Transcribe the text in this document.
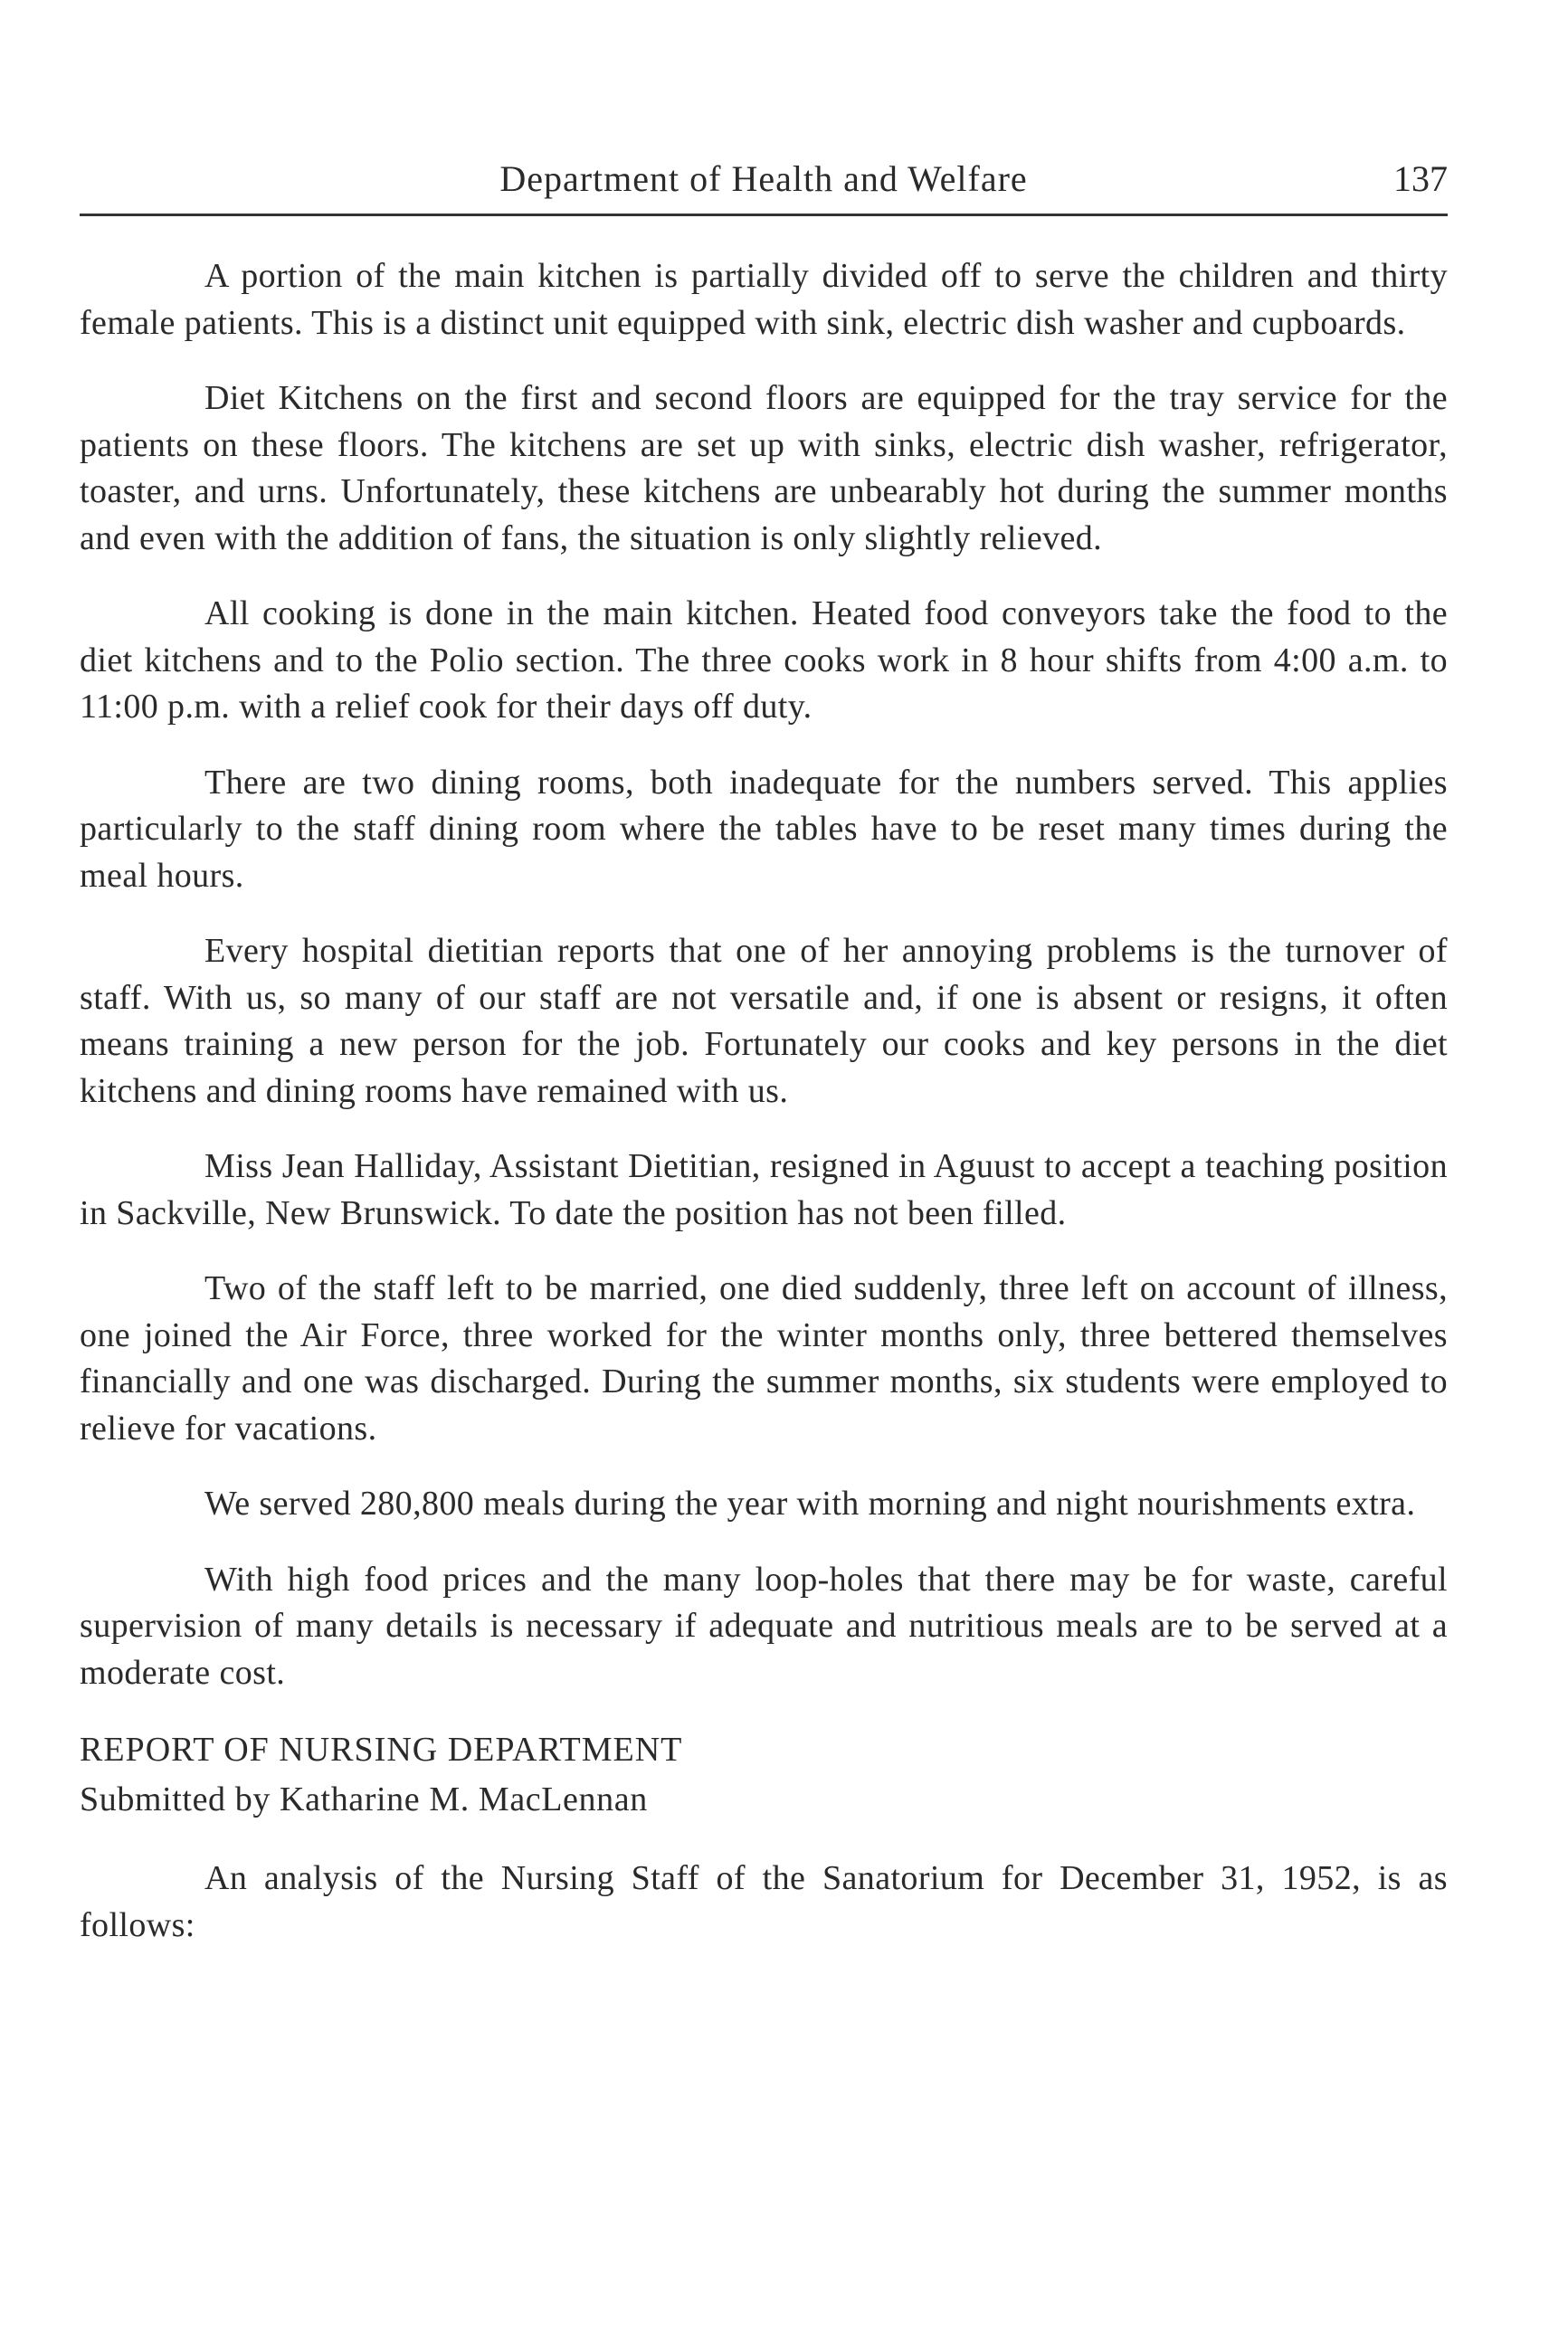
Department of Health and Welfare	137

A portion of the main kitchen is partially divided off to serve the children and thirty female patients. This is a distinct unit equipped with sink, electric dish washer and cupboards.

Diet Kitchens on the first and second floors are equipped for the tray service for the patients on these floors. The kitchens are set up with sinks, electric dish washer, refrigerator, toaster, and urns. Unfortunately, these kitchens are unbearably hot during the summer months and even with the addition of fans, the situation is only slightly relieved.

All cooking is done in the main kitchen. Heated food conveyors take the food to the diet kitchens and to the Polio section. The three cooks work in 8 hour shifts from 4:00 a.m. to 11:00 p.m. with a relief cook for their days off duty.

There are two dining rooms, both inadequate for the numbers served. This applies particularly to the staff dining room where the tables have to be reset many times during the meal hours.

Every hospital dietitian reports that one of her annoying problems is the turnover of staff. With us, so many of our staff are not versatile and, if one is absent or resigns, it often means training a new person for the job. Fortunately our cooks and key persons in the diet kitchens and dining rooms have remained with us.

Miss Jean Halliday, Assistant Dietitian, resigned in Aguust to accept a teaching position in Sackville, New Brunswick. To date the position has not been filled.

Two of the staff left to be married, one died suddenly, three left on account of illness, one joined the Air Force, three worked for the winter months only, three bettered themselves financially and one was discharged. During the summer months, six students were employed to relieve for vacations.

We served 280,800 meals during the year with morning and night nourishments extra.

With high food prices and the many loop-holes that there may be for waste, careful supervision of many details is necessary if adequate and nutritious meals are to be served at a moderate cost.

REPORT OF NURSING DEPARTMENT
Submitted by Katharine M. MacLennan

An analysis of the Nursing Staff of the Sanatorium for December 31, 1952, is as follows:
